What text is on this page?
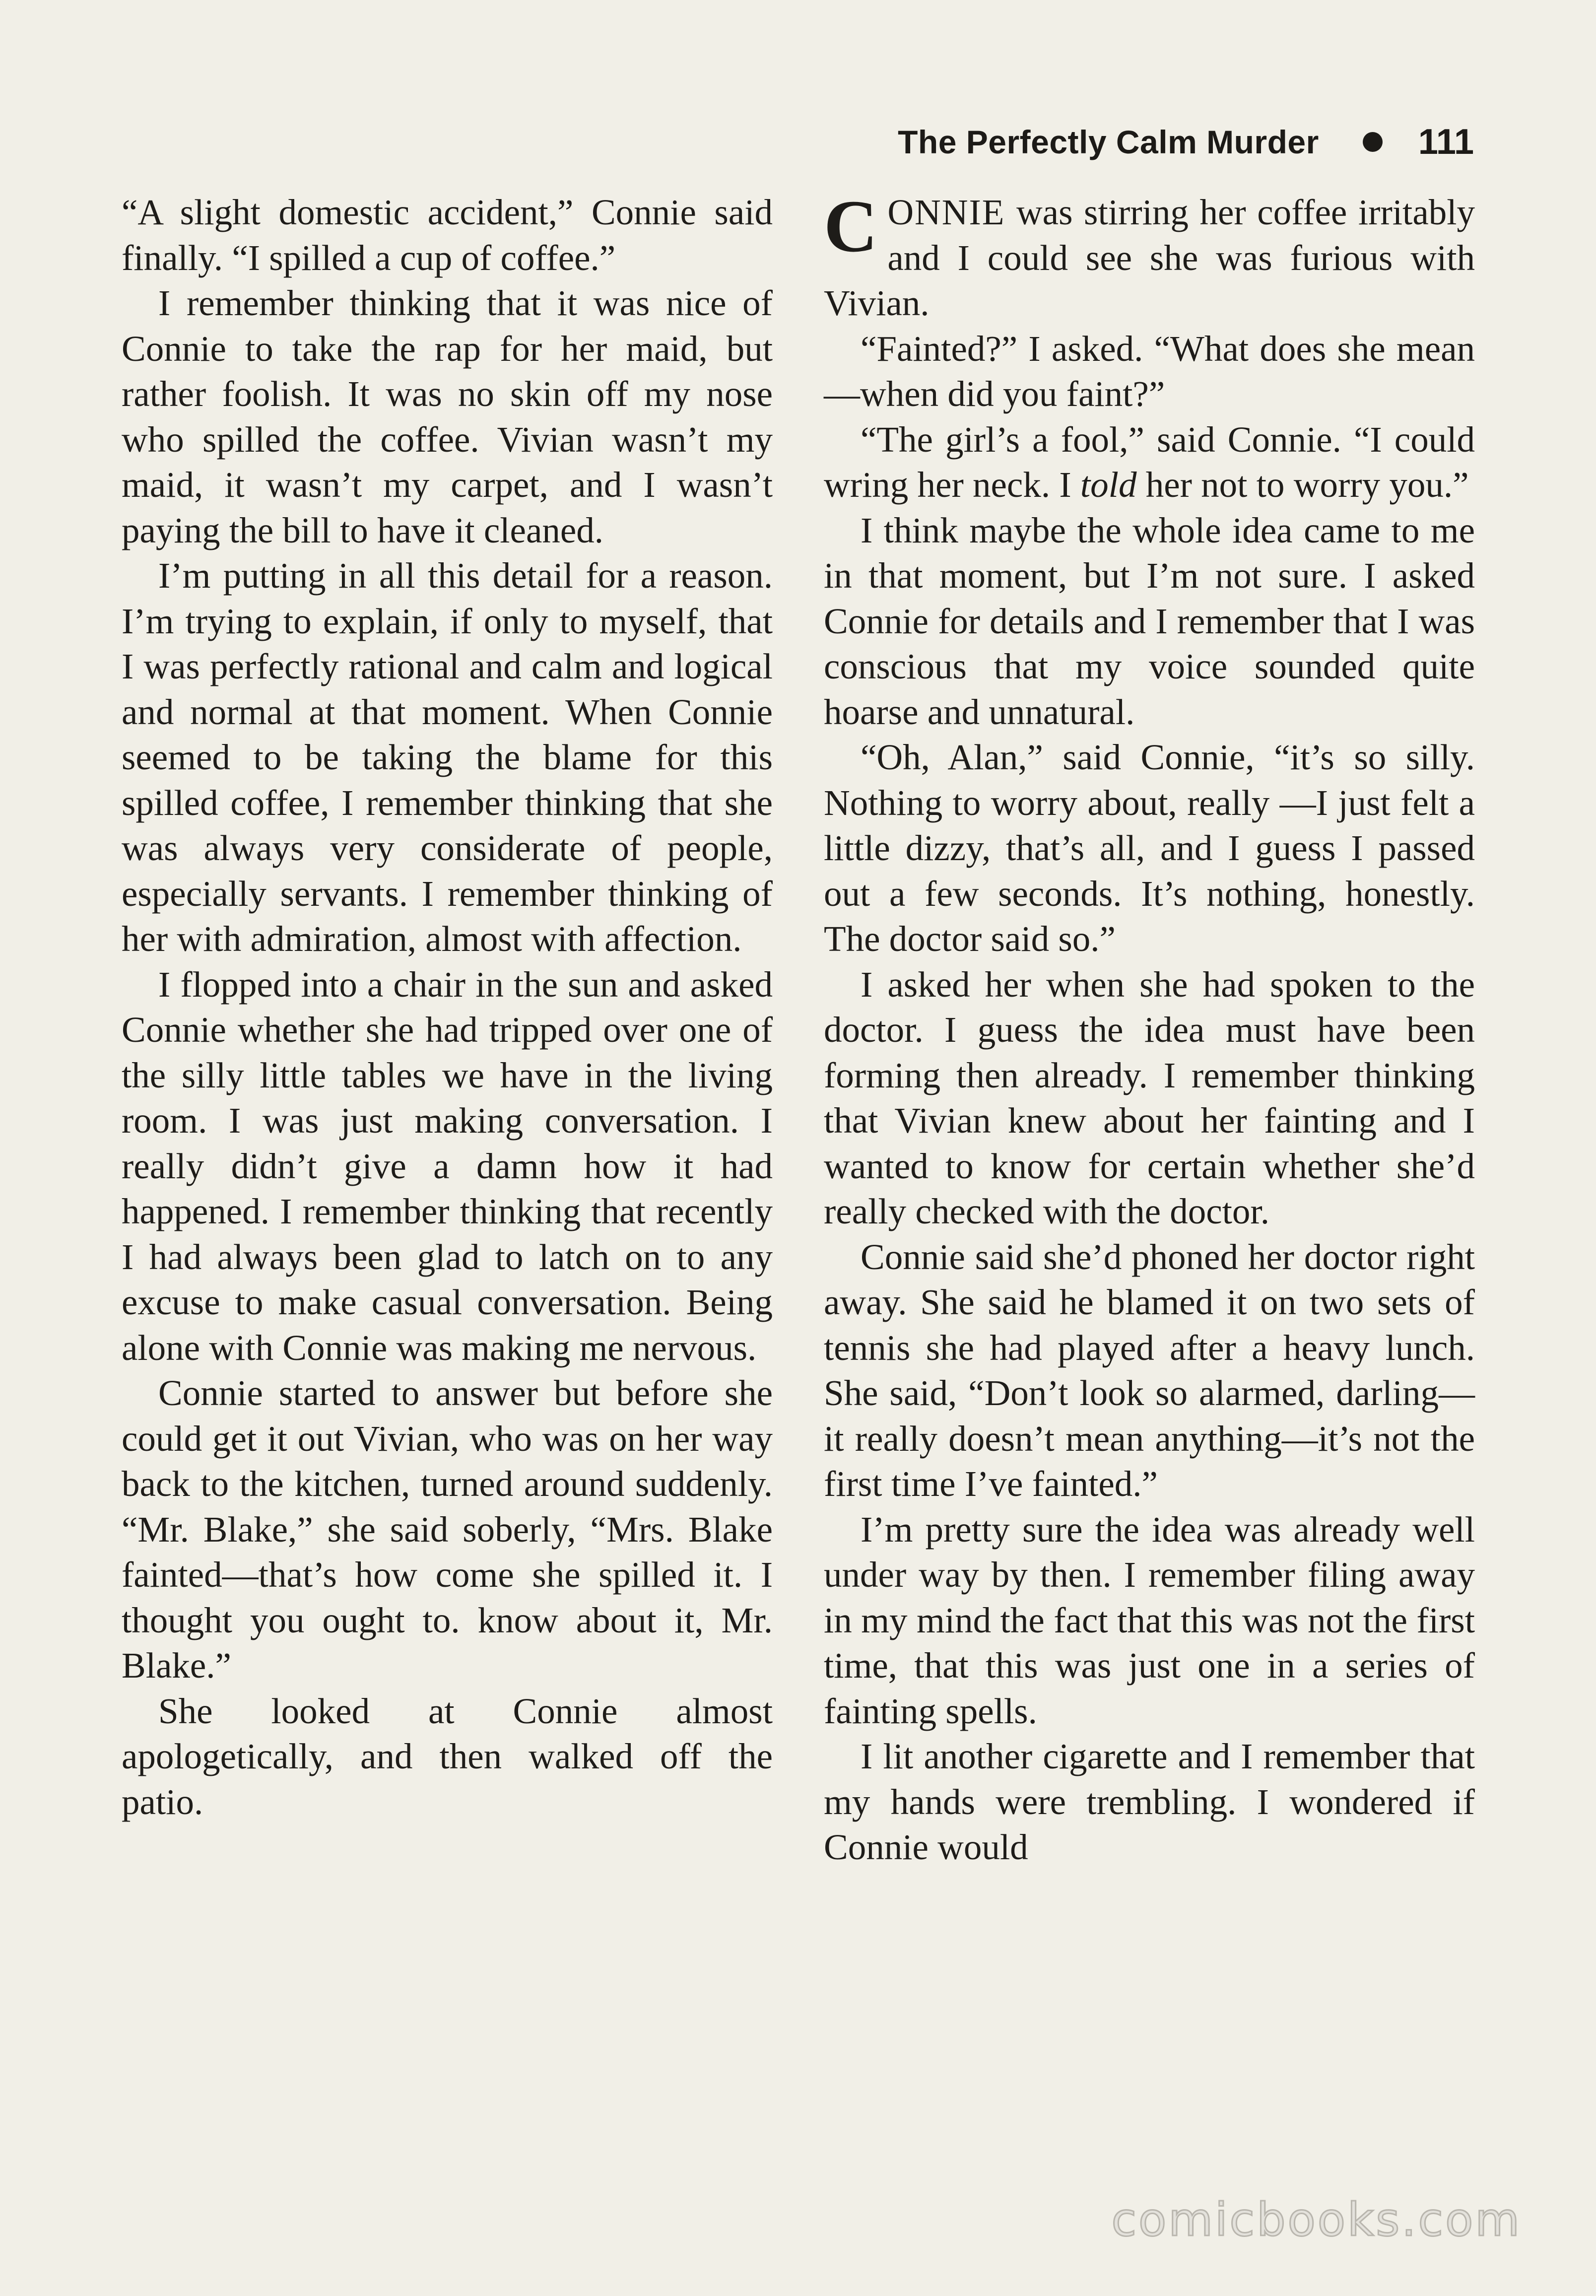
The Perfectly Calm Murder	111

“A slight domestic accident,” Connie said finally. “I spilled a cup of coffee.”

I remember thinking that it was nice of Connie to take the rap for her maid, but rather foolish. It was no skin off my nose who spilled the coffee. Vivian wasn’t my maid, it wasn’t my carpet, and I wasn’t paying the bill to have it cleaned.

I’m putting in all this detail for a reason. I’m trying to explain, if only to myself, that I was perfectly rational and calm and logical and normal at that moment. When Connie seemed to be taking the blame for this spilled coffee, I remember thinking that she was always very considerate of people, especially servants. I remember thinking of her with admiration, almost with affection.

I flopped into a chair in the sun and asked Connie whether she had tripped over one of the silly little tables we have in the living room. I was just making conversation. I really didn’t give a damn how it had happened. I remember thinking that recently I had always been glad to latch on to any excuse to make casual conversation. Being alone with Connie was making me nervous.

Connie started to answer but before she could get it out Vivian, who was on her way back to the kitchen, turned around suddenly. “Mr. Blake,” she said soberly, “Mrs. Blake fainted—that’s how come she spilled it. I thought you ought to. know about it, Mr. Blake.”

She looked at Connie almost apologetically, and then walked off the patio.

CONNIE was stirring her coffee irritably and I could see she was furious with Vivian.

“Fainted?” I asked. “What does she mean—when did you faint?”

“The girl’s a fool,” said Connie. “I could wring her neck. I told her not to worry you.”

I think maybe the whole idea came to me in that moment, but I’m not sure. I asked Connie for details and I remember that I was conscious that my voice sounded quite hoarse and unnatural.

“Oh, Alan,” said Connie, “it’s so silly. Nothing to worry about, really —I just felt a little dizzy, that’s all, and I guess I passed out a few seconds. It’s nothing, honestly. The doctor said so.”

I asked her when she had spoken to the doctor. I guess the idea must have been forming then already. I remember thinking that Vivian knew about her fainting and I wanted to know for certain whether she’d really checked with the doctor.

Connie said she’d phoned her doctor right away. She said he blamed it on two sets of tennis she had played after a heavy lunch. She said, “Don’t look so alarmed, darling—it really doesn’t mean anything—it’s not the first time I’ve fainted.”

I’m pretty sure the idea was already well under way by then. I remember filing away in my mind the fact that this was not the first time, that this was just one in a series of fainting spells.

I lit another cigarette and I remember that my hands were trembling. I wondered if Connie would

comicbooks.com
